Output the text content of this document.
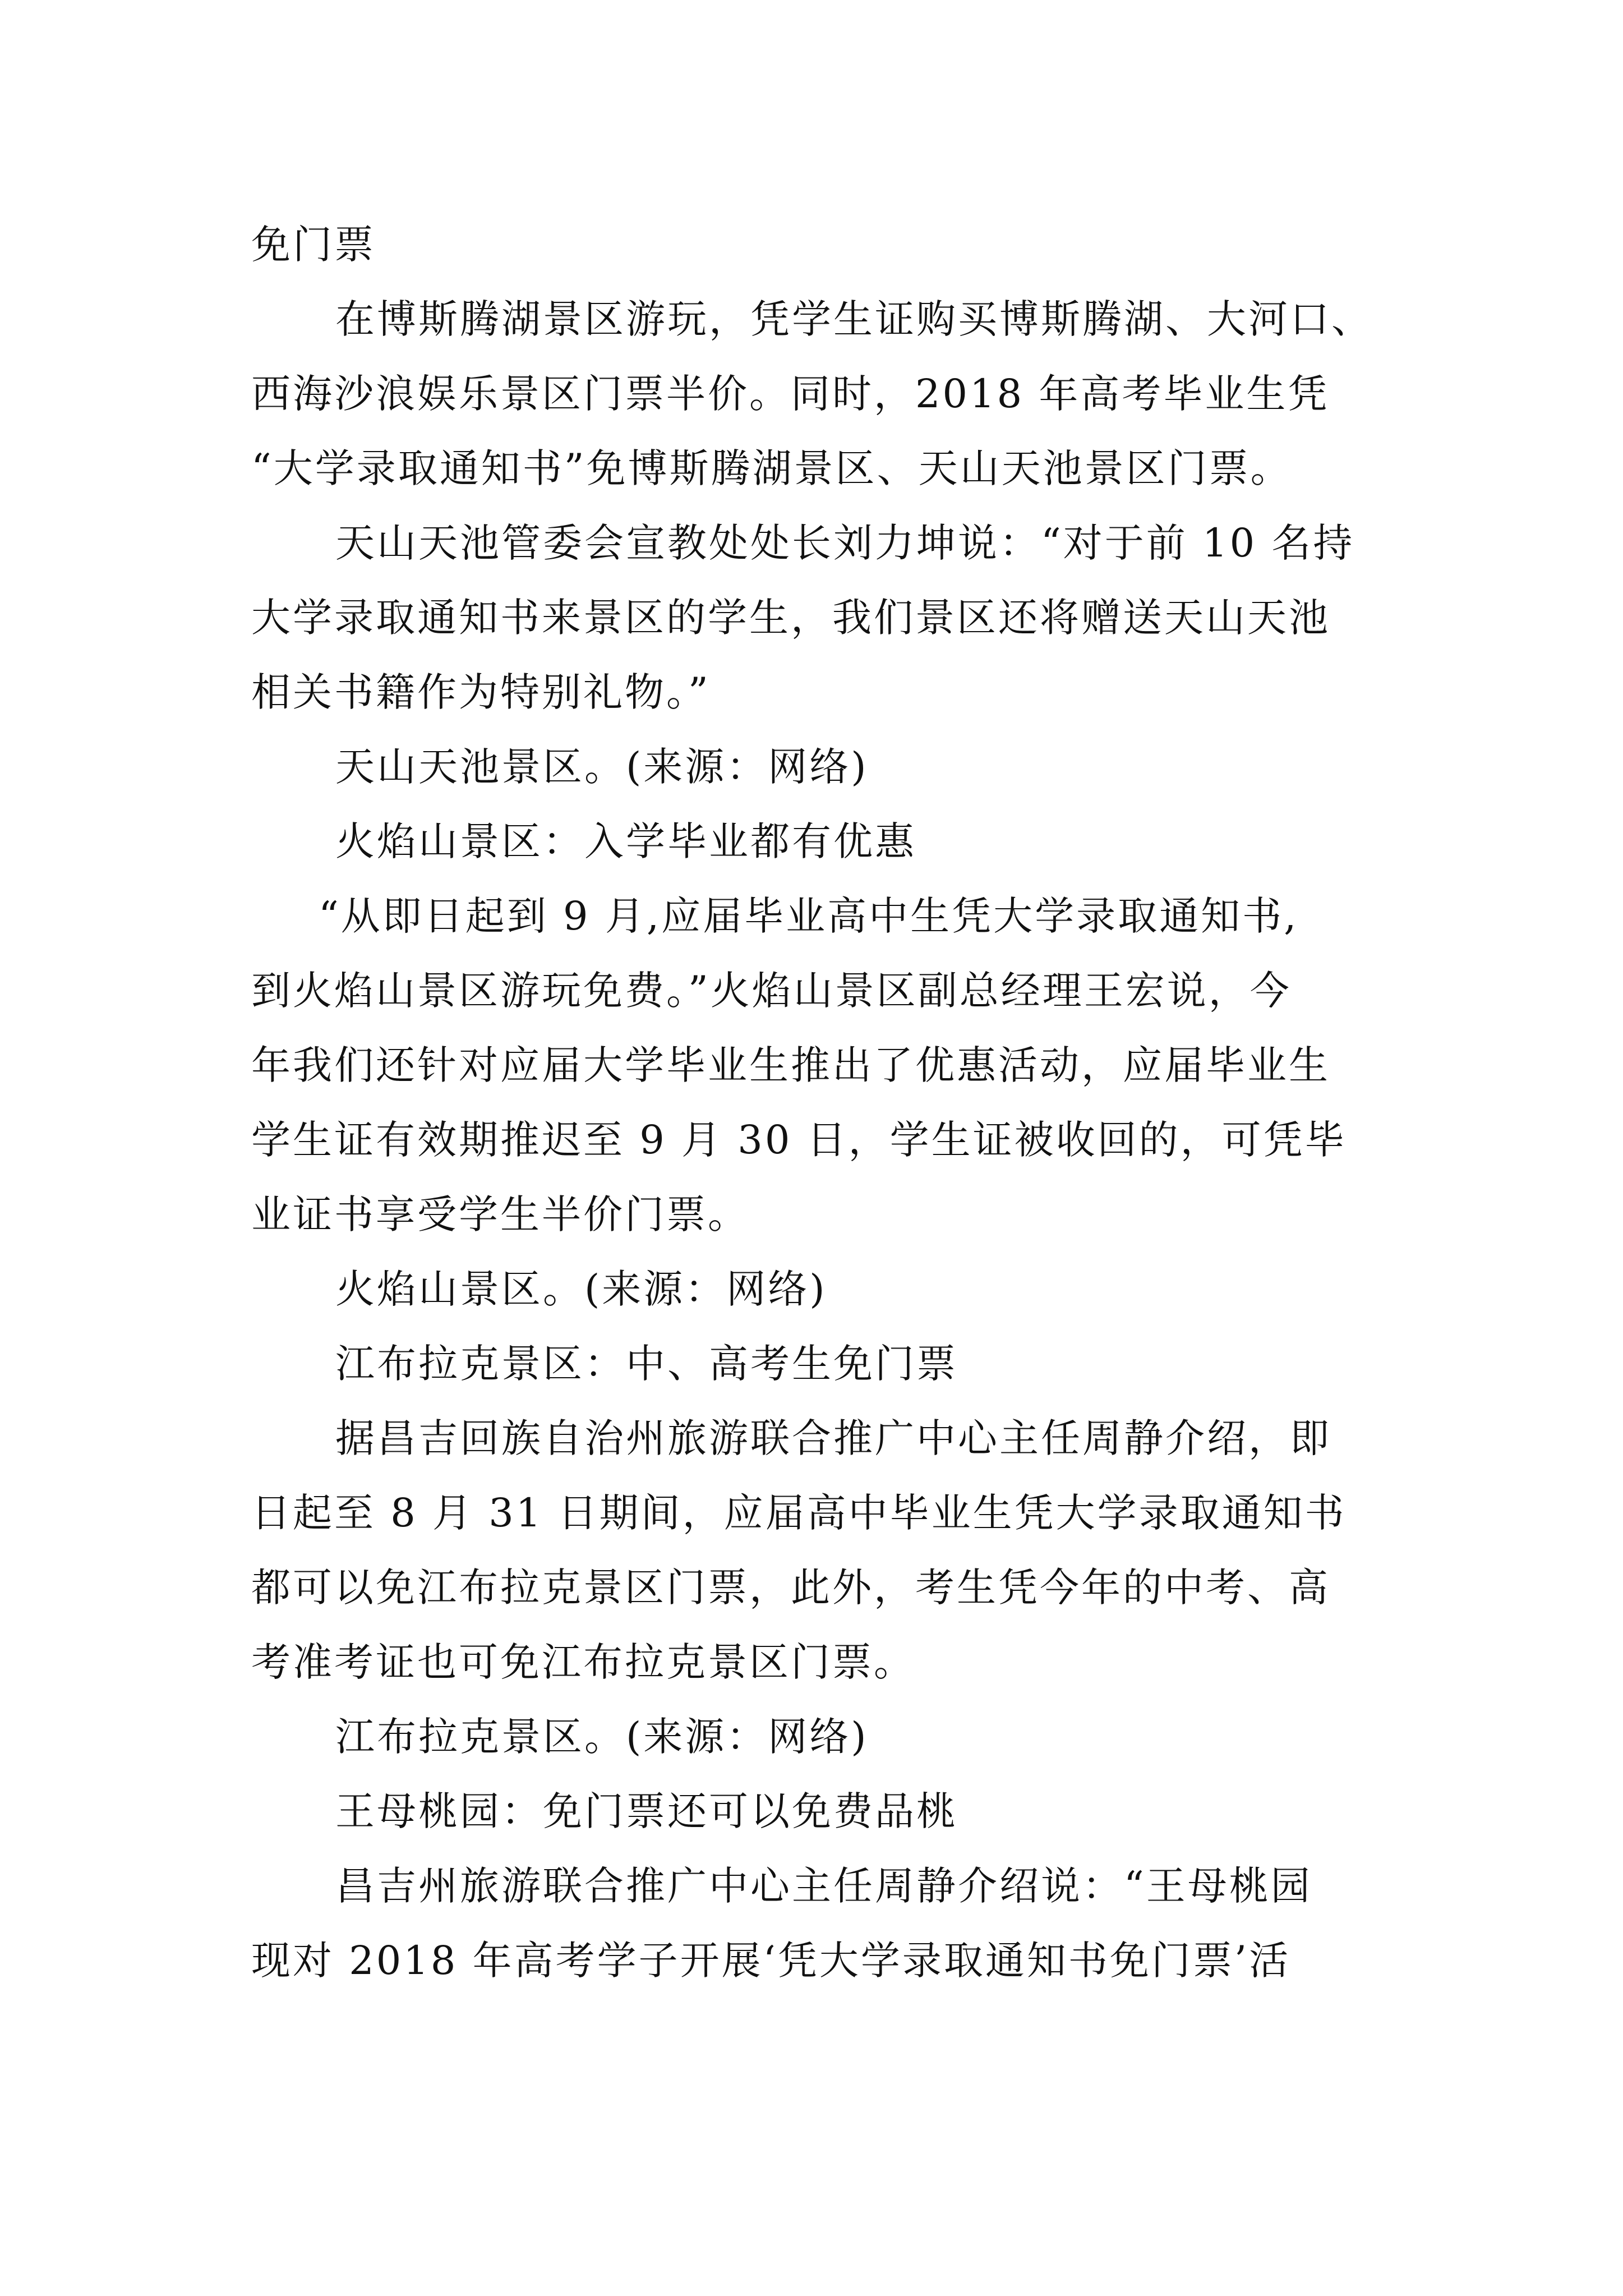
免门票
在博斯腾湖景区游玩，凭学生证购买博斯腾湖、大河口、
西海沙浪娱乐景区门票半价。同时，2018 年高考毕业生凭
“大学录取通知书”免博斯腾湖景区、天山天池景区门票。
天山天池管委会宣教处处长刘力坤说：“对于前 10 名持
大学录取通知书来景区的学生，我们景区还将赠送天山天池
相关书籍作为特别礼物。”
天山天池景区。(来源：网络)
火焰山景区：入学毕业都有优惠
“从即日起到 9 月,应届毕业高中生凭大学录取通知书,
到火焰山景区游玩免费。”火焰山景区副总经理王宏说，今
年我们还针对应届大学毕业生推出了优惠活动，应届毕业生
学生证有效期推迟至 9 月 30 日，学生证被收回的，可凭毕
业证书享受学生半价门票。
火焰山景区。(来源：网络)
江布拉克景区：中、高考生免门票
据昌吉回族自治州旅游联合推广中心主任周静介绍，即
日起至 8 月 31 日期间，应届高中毕业生凭大学录取通知书
都可以免江布拉克景区门票，此外，考生凭今年的中考、高
考准考证也可免江布拉克景区门票。
江布拉克景区。(来源：网络)
王母桃园：免门票还可以免费品桃
昌吉州旅游联合推广中心主任周静介绍说：“王母桃园
现对 2018 年高考学子开展‘凭大学录取通知书免门票’活
